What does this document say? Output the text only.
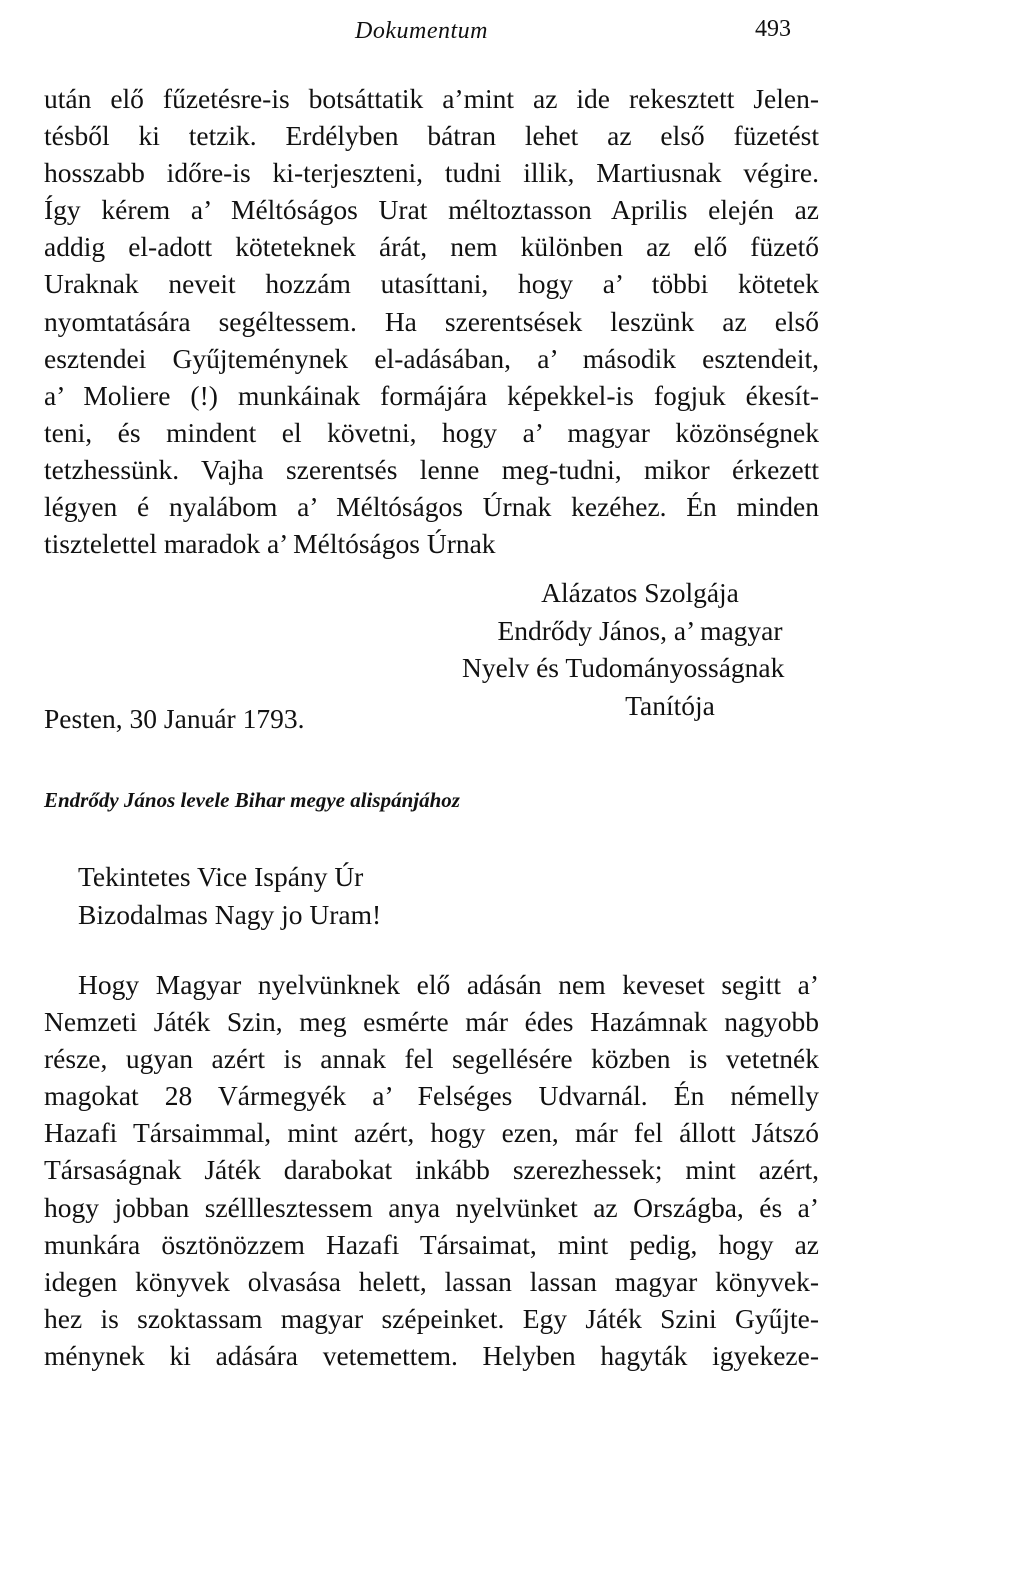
Dokumentum	493
után elő fűzetésre-is botsáttatik a’mint az ide rekesztett Jelen-
tésből ki tetzik. Erdélyben bátran lehet az első füzetést
hosszabb időre-is ki-terjeszteni, tudni illik, Martiusnak végire.
Így kérem a’ Méltóságos Urat méltoztasson Aprilis elején az
addig el-adott köteteknek árát, nem különben az elő füzető
Uraknak neveit hozzám utasíttani, hogy a’ többi kötetek
nyomtatására segéltessem. Ha szerentsések leszünk az első
esztendei Gyűjteménynek el-adásában, a’ második esztendeit,
a’ Moliere (!) munkáinak formájára képekkel-is fogjuk ékesít-
teni, és mindent el követni, hogy a’ magyar közönségnek
tetzhessünk. Vajha szerentsés lenne meg-tudni, mikor érkezett
légyen é nyalábom a’ Méltóságos Úrnak kezéhez. Én minden
tisztelettel maradok a’ Méltóságos Úrnak
Alázatos Szolgája
Endrődy János, a’ magyar
Nyelv és Tudományosságnak
Tanítója
Pesten, 30 Január 1793.
Endrődy János levele Bihar megye alispánjához
Tekintetes Vice Ispány Úr
Bizodalmas Nagy jo Uram!
Hogy Magyar nyelvünknek elő adásán nem keveset segitt a’
Nemzeti Játék Szin, meg esmérte már édes Hazámnak nagyobb
része, ugyan azért is annak fel segellésére közben is vetetnék
magokat 28 Vármegyék a’ Felséges Udvarnál. Én némelly
Hazafi Társaimmal, mint azért, hogy ezen, már fel állott Játszó
Társaságnak Játék darabokat inkább szerezhessek; mint azért,
hogy jobban szélllesztessem anya nyelvünket az Országba, és a’
munkára ösztönözzem Hazafi Társaimat, mint pedig, hogy az
idegen könyvek olvasása helett, lassan lassan magyar könyvek-
hez is szoktassam magyar szépeinket. Egy Játék Szini Gyűjte-
ménynek ki adására vetemettem. Helyben hagyták igyekeze-
